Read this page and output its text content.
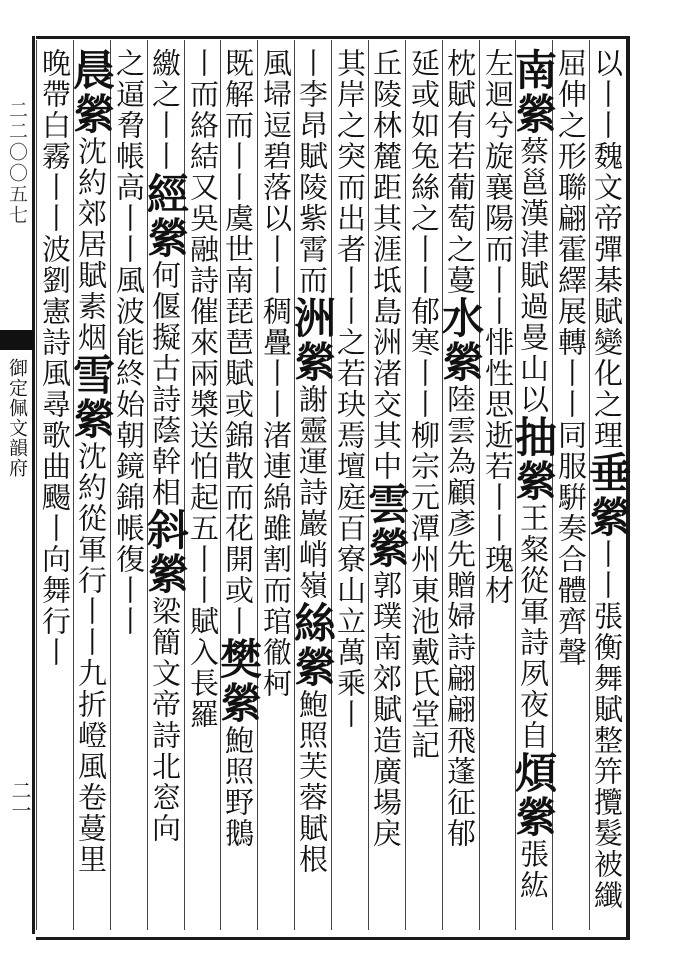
二二〇〇五七
御定佩文韻府
二一
以丨丨魏文帝彈棊賦變化之理垂縈丨丨張衡舞賦整笄攬髮被纖
屈伸之形聯翩霍繹展轉丨丨同服騈奏合體齊聲
南縈蔡邕漢津賦過曼山以抽縈王粲從軍詩夙夜自煩縈張紘
左迴兮旋襄陽而丨丨悱性思逝若丨丨瑰材
枕賦有若葡萄之蔓水縈陸雲為顧彥先贈婦詩翩翩飛蓬征郁
延或如兔絲之丨丨郁寒丨丨柳宗元潭州東池戴氏堂記
丘陵林麓距其涯坻島洲渚交其中雲縈郭璞南郊賦造廣場戾
其岸之突而出者丨丨之若玦焉壇庭百寮山立萬乘丨
丨李昂賦陵紫霄而洲縈謝靈運詩巖峭嶺絲縈鮑照芙蓉賦根
風埽逗碧落以丨丨稠疊丨丨渚連綿雖割而琯徹柯
既解而丨丨虞世南琵琶賦或錦散而花開或丨樊縈鮑照野鵝
丨而絡結又吳融詩催來兩槳送怕起五丨丨賦入長羅
繳之丨丨經縈何偃擬古詩蔭幹相斜縈梁簡文帝詩北窓向
之逼脅帳高丨丨風波能終始朝鏡錦帳復丨丨
晨縈沈約郊居賦素烟雪縈沈約從軍行丨丨九折嶝風卷蔓里
晚帶白霧丨丨波劉憲詩風尋歌曲颺丨向舞行丨
